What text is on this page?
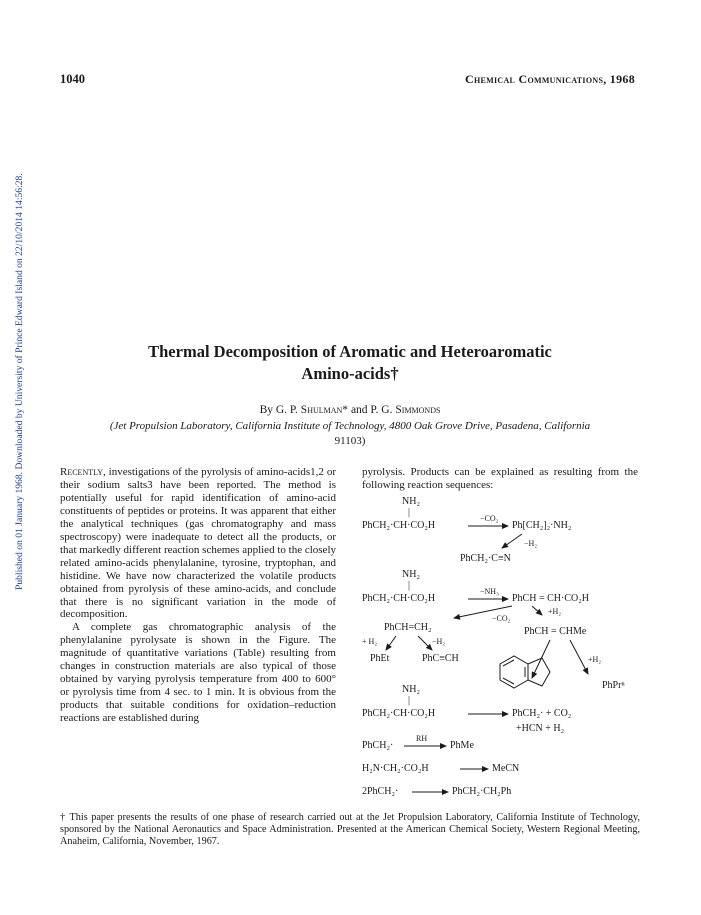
Published on 01 January 1968. Downloaded by University of Prince Edward Island on 22/10/2014 14:56:28.
1040	Chemical Communications, 1968
Thermal Decomposition of Aromatic and Heteroaromatic
Amino-acids†
By G. P. Shulman* and P. G. Simmonds
(Jet Propulsion Laboratory, California Institute of Technology, 4800 Oak Grove Drive, Pasadena, California
91103)

Recently, investigations of the pyrolysis of amino-acids1,2 or their sodium salts3 have been reported. The method is potentially useful for rapid identification of amino-acid constituents of peptides or proteins. It was apparent that either the analytical techniques (gas chromatography and mass spectroscopy) were inadequate to detect all the products, or that markedly different reaction schemes applied to the closely related amino-acids phenylalanine, tyrosine, tryptophan, and histidine. We have now characterized the volatile products obtained from pyrolysis of these amino-acids, and conclude that there is no significant variation in the mode of decomposition.

A complete gas chromatographic analysis of the phenylalanine pyrolysate is shown in the Figure. The magnitude of quantitative variations (Table) resulting from changes in construction materials are also typical of those obtained by varying pyrolysis temperature from 400 to 600° or pyrolysis time from 4 sec. to 1 min. It is obvious from the products that suitable conditions for oxidation–reduction reactions are established during

pyrolysis. Products can be explained as resulting from the following reaction sequences:
NH₂
|
PhCH₂·CH·CO₂H
−CO₂
Ph[CH₂]₂·NH₂
−H₂
PhCH₂·C≡N
NH₂
|
PhCH₂·CH·CO₂H
−NH₃
PhCH = CH·CO₂H
+H₂
−CO₂
PhCH=CH₂	PhCH = CHMe
+ H₂	−H₂
PhEt	PhC≡CH	+H₂
PhPrⁿ
NH₂
|
PhCH₂·CH·CO₂H	PhCH₂· + CO₂
+HCN + H₂
RH
PhCH₂·	PhMe
H₂N·CH₂·CO₂H	MeCN
2PhCH₂·	PhCH₂·CH₂Ph
† This paper presents the results of one phase of research carried out at the Jet Propulsion Laboratory, California Institute of Technology, sponsored by the National Aeronautics and Space Administration. Presented at the American Chemical Society, Western Regional Meeting, Anaheim, California, November, 1967.
